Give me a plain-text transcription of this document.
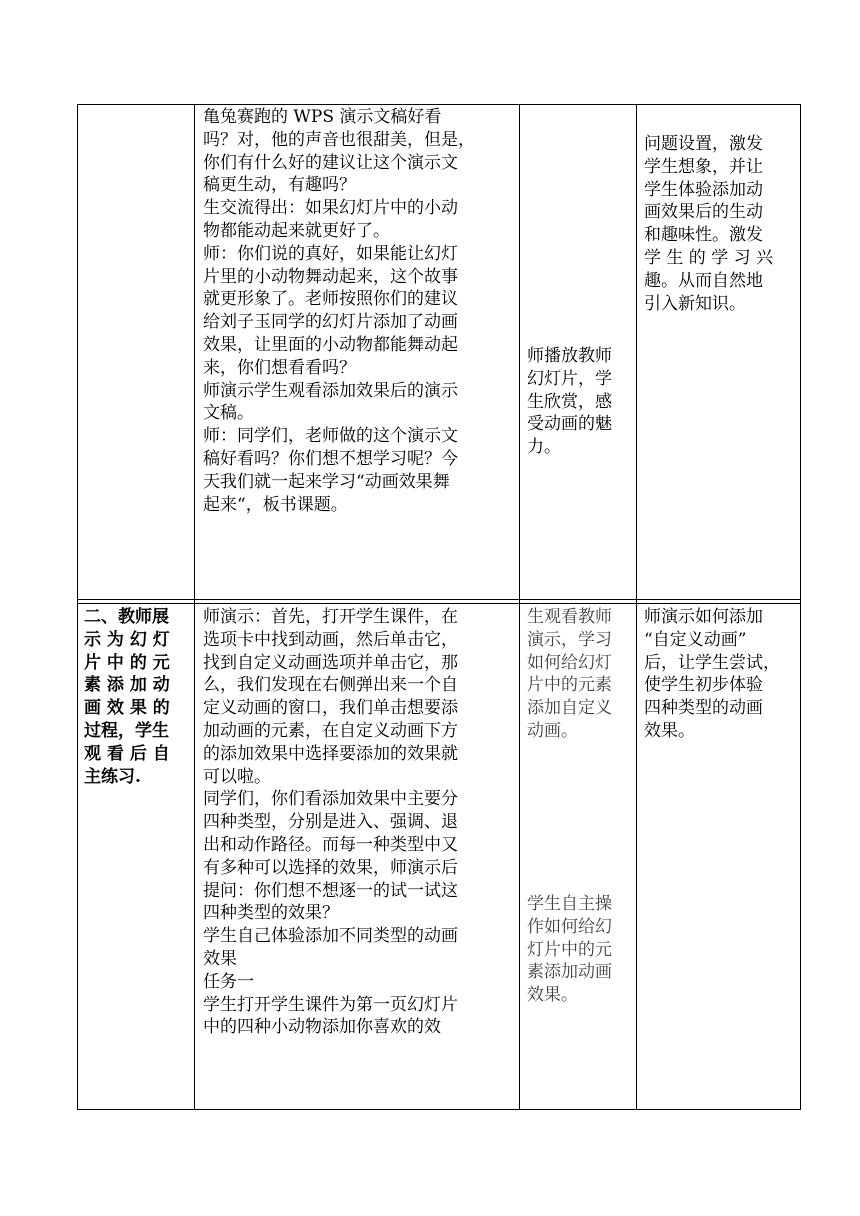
亀兔赛跑的 WPS 演示文稿好看
吗？对，他的声音也很甜美，但是，
你们有什么好的建议让这个演示文
稿更生动，有趣吗？
生交流得出：如果幻灯片中的小动
物都能动起来就更好了。
师：你们说的真好，如果能让幻灯
片里的小动物舞动起来，这个故事
就更形象了。老师按照你们的建议
给刘子玉同学的幻灯片添加了动画
效果，让里面的小动物都能舞动起
来，你们想看看吗？
师演示学生观看添加效果后的演示
文稿。
师：同学们，老师做的这个演示文
稿好看吗？你们想不想学习呢？今
天我们就一起来学习“动画效果舞
起来“，板书课题。
师播放教师
幻灯片，学
生欣赏，感
受动画的魅
力。
问题设置，激发
学生想象，并让
学生体验添加动
画效果后的生动
和趣味性。激发
学 生 的 学 习 兴
趣。从而自然地
引入新知识。
二、教师展
示 为 幻 灯
片 中 的 元
素 添 加 动
画 效 果 的
过程，学生
观 看 后 自
主练习.
师演示：首先，打开学生课件，在
选项卡中找到动画，然后单击它，
找到自定义动画选项并单击它，那
么，我们发现在右侧弹出来一个自
定义动画的窗口，我们单击想要添
加动画的元素，在自定义动画下方
的添加效果中选择要添加的效果就
可以啦。
同学们，你们看添加效果中主要分
四种类型，分别是进入、强调、退
出和动作路径。而每一种类型中又
有多种可以选择的效果，师演示后
提问：你们想不想逐一的试一试这
四种类型的效果？
学生自己体验添加不同类型的动画
效果
任务一
学生打开学生课件为第一页幻灯片
中的四种小动物添加你喜欢的效
生观看教师
演示，学习
如何给幻灯
片中的元素
添加自定义
动画。
学生自主操
作如何给幻
灯片中的元
素添加动画
效果。
师演示如何添加
“自定义动画”
后，让学生尝试，
使学生初步体验
四种类型的动画
效果。
